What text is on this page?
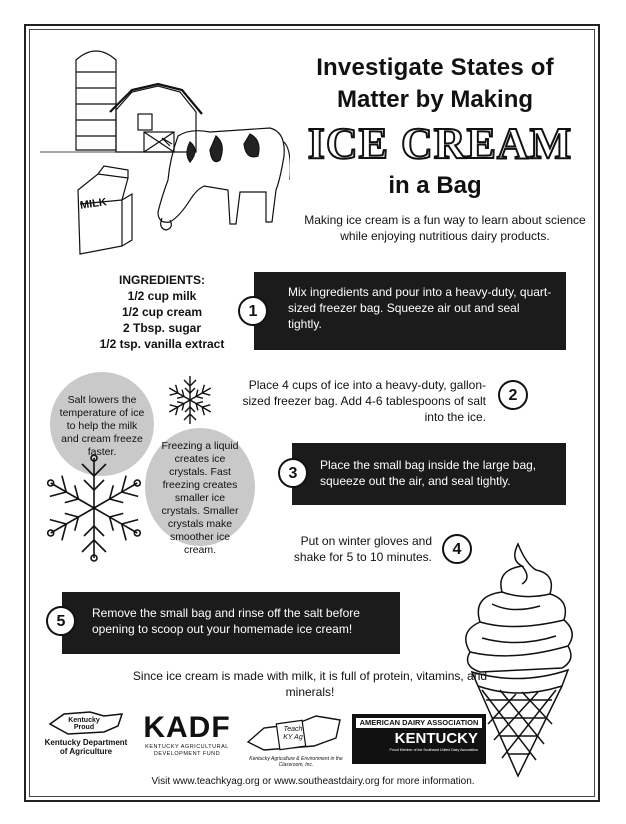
MILK
Investigate States of
Matter by Making
ICE CREAM
in a Bag
Making ice cream is a fun way to learn about science while enjoying nutritious dairy products.
INGREDIENTS:
1/2 cup milk
1/2 cup cream
2 Tbsp. sugar
1/2 tsp. vanilla extract
Mix ingredients and pour into a heavy-duty, quart-sized freezer bag. Squeeze air out and seal tightly.
1
Place 4 cups of ice into a heavy-duty, gallon-sized freezer bag. Add 4-6 tablespoons of salt into the ice.
2
Place the small bag inside the large bag, squeeze out the air, and seal tightly.
3
Put on winter gloves and shake for 5 to 10 minutes.	4
Remove the small bag and rinse off the salt before opening to scoop out your homemade ice cream!
5
Salt lowers the temperature of ice to help the milk and cream freeze faster.	Freezing a liquid creates ice crystals. Fast freezing creates smaller ice crystals. Smaller crystals make smoother ice cream.
Since ice cream is made with milk, it is full of protein, vitamins, and minerals!
Kentucky Proud
Kentucky Department of Agriculture
KADF
KENTUCKY AGRICULTURAL DEVELOPMENT FUND
Teach KY Ag
Kentucky Agriculture & Environment in the Classroom, Inc.
AMERICAN DAIRY ASSOCIATION
KENTUCKY
Proud Member of the Southeast United Dairy Association
Visit www.teachkyag.org or www.southeastdairy.org for more information.
